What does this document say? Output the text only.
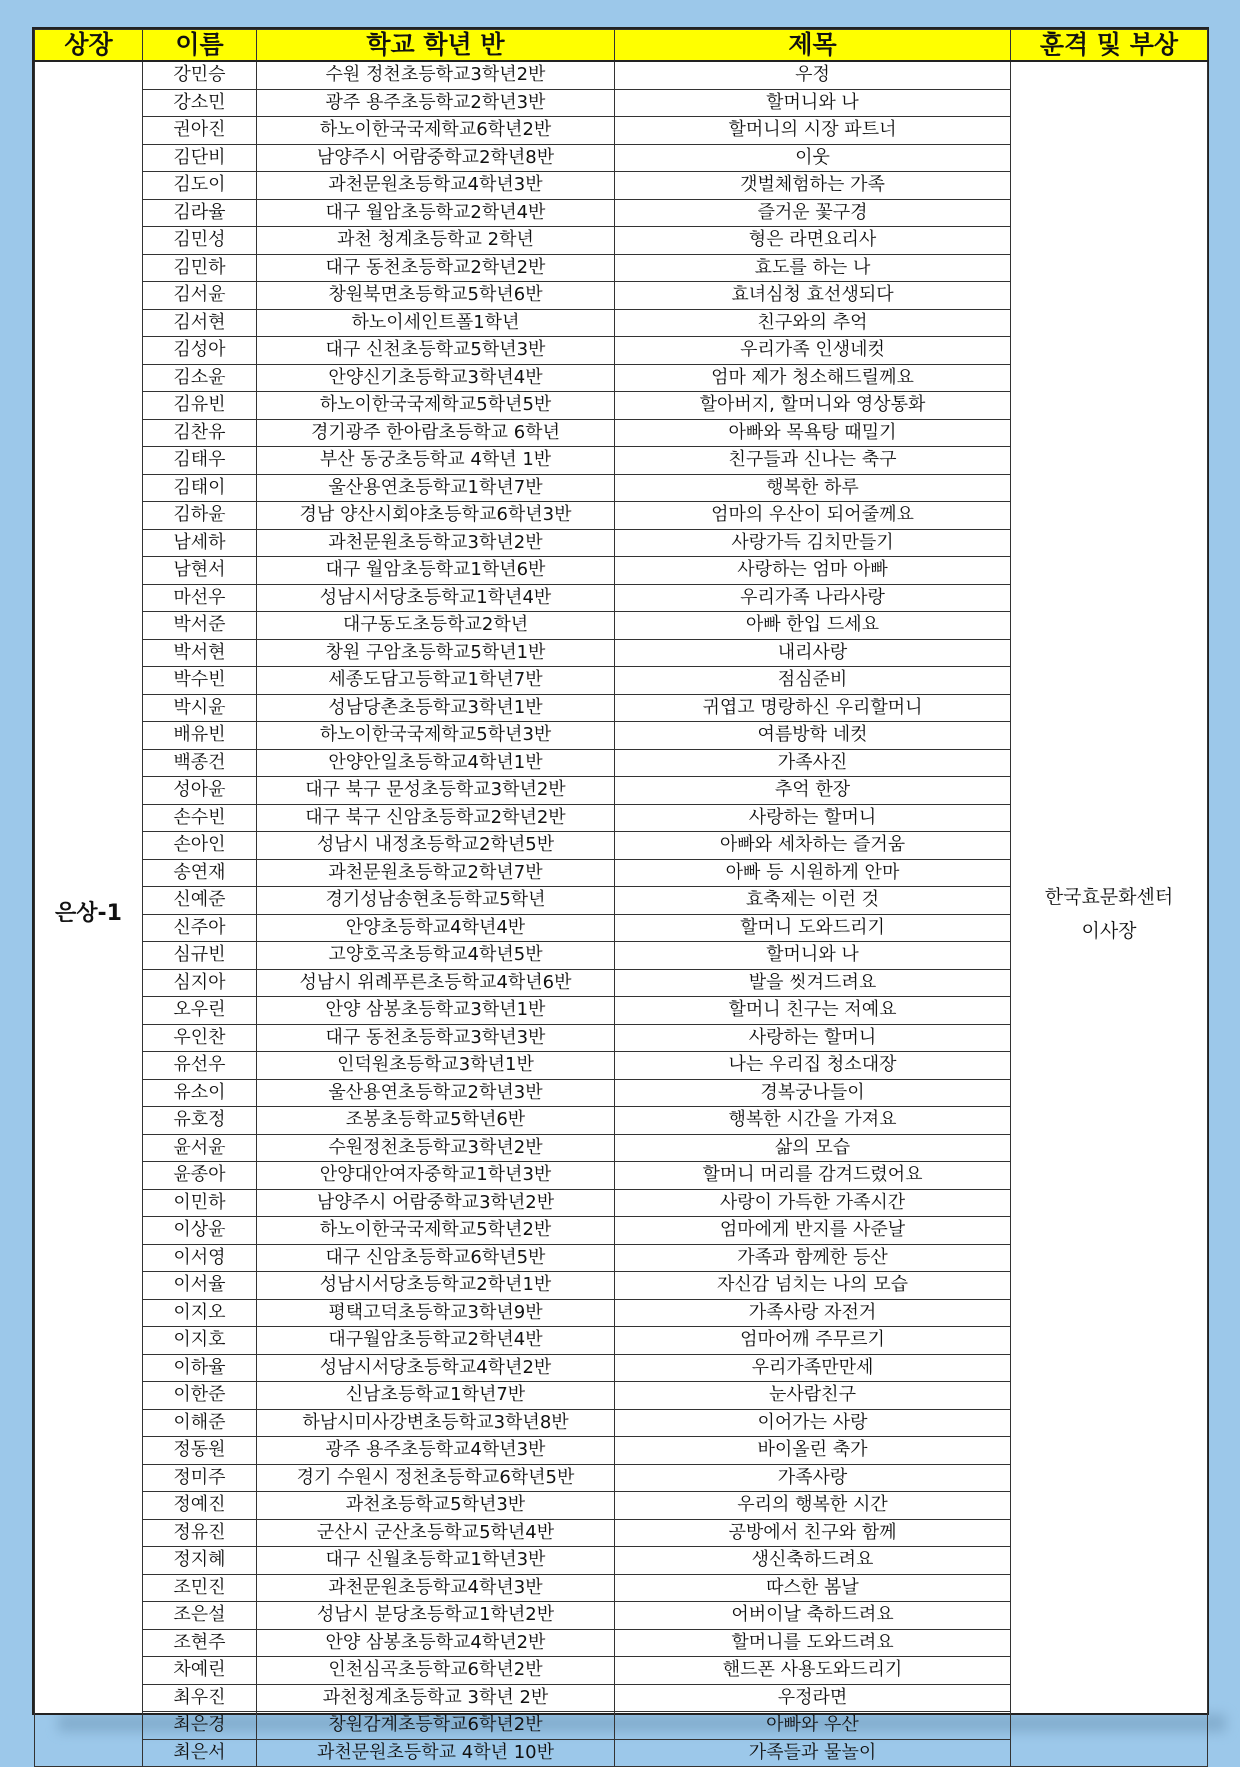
상장	이름	학교 학년 반	제목	훈격 및 부상
은상-1	강민승	수원 정천초등학교3학년2반	우정	한국효문화센터
이사장

	강소민	광주 용주초등학교2학년3반	할머니와 나	
	권아진	하노이한국국제학교6학년2반	할머니의 시장 파트너	
	김단비	남양주시 어람중학교2학년8반	이웃	
	김도이	과천문원초등학교4학년3반	갯벌체험하는 가족	
	김라율	대구 월암초등학교2학년4반	즐거운 꽃구경	
	김민성	과천 청계초등학교 2학년	형은 라면요리사	
	김민하	대구 동천초등학교2학년2반	효도를 하는 나	
	김서윤	창원북면초등학교5학년6반	효녀심청 효선생되다	
	김서현	하노이세인트폴1학년	친구와의 추억	
	김성아	대구 신천초등학교5학년3반	우리가족 인생네컷	
	김소윤	안양신기초등학교3학년4반	엄마 제가 청소해드릴께요	
	김유빈	하노이한국국제학교5학년5반	할아버지, 할머니와 영상통화	
	김찬유	경기광주 한아람초등학교 6학년	아빠와 목욕탕 때밀기	
	김태우	부산 동궁초등학교 4학년 1반	친구들과 신나는 축구	
	김태이	울산용연초등학교1학년7반	행복한 하루	
	김하윤	경남 양산시회야초등학교6학년3반	엄마의 우산이 되어줄께요	
	남세하	과천문원초등학교3학년2반	사랑가득 김치만들기	
	남현서	대구 월암초등학교1학년6반	사랑하는 엄마 아빠	
	마선우	성남시서당초등학교1학년4반	우리가족 나라사랑	
	박서준	대구동도초등학교2학년	아빠 한입 드세요	
	박서현	창원 구암초등학교5학년1반	내리사랑	
	박수빈	세종도담고등학교1학년7반	점심준비	
	박시윤	성남당촌초등학교3학년1반	귀엽고 명랑하신 우리할머니	
	배유빈	하노이한국국제학교5학년3반	여름방학 네컷	
	백종건	안양안일초등학교4학년1반	가족사진	
	성아윤	대구 북구 문성초등학교3학년2반	추억 한장	
	손수빈	대구 북구 신암초등학교2학년2반	사랑하는 할머니	
	손아인	성남시 내정초등학교2학년5반	아빠와 세차하는 즐거움	
	송연재	과천문원초등학교2학년7반	아빠 등 시원하게 안마	
	신예준	경기성남송현초등학교5학년	효축제는 이런 것	
	신주아	안양초등학교4학년4반	할머니 도와드리기	
	심규빈	고양호곡초등학교4학년5반	할머니와 나	
	심지아	성남시 위례푸른초등학교4학년6반	발을 씻겨드려요	
	오우린	안양 삼봉초등학교3학년1반	할머니 친구는 저예요	
	우인찬	대구 동천초등학교3학년3반	사랑하는 할머니	
	유선우	인덕원초등학교3학년1반	나는 우리집 청소대장	
	유소이	울산용연초등학교2학년3반	경복궁나들이	
	유호정	조봉초등학교5학년6반	행복한 시간을 가져요	
	윤서윤	수원정천초등학교3학년2반	삶의 모습	
	윤종아	안양대안여자중학교1학년3반	할머니 머리를 감겨드렸어요	
	이민하	남양주시 어람중학교3학년2반	사랑이 가득한 가족시간	
	이상윤	하노이한국국제학교5학년2반	엄마에게 반지를 사준날	
	이서영	대구 신암초등학교6학년5반	가족과 함께한 등산	
	이서율	성남시서당초등학교2학년1반	자신감 넘치는 나의 모습	
	이지오	평택고덕초등학교3학년9반	가족사랑 자전거	
	이지호	대구월암초등학교2학년4반	엄마어깨 주무르기	
	이하율	성남시서당초등학교4학년2반	우리가족만만세	
	이한준	신남초등학교1학년7반	눈사람친구	
	이해준	하남시미사강변초등학교3학년8반	이어가는 사랑	
	정동원	광주 용주초등학교4학년3반	바이올린 축가	
	정미주	경기 수원시 정천초등학교6학년5반	가족사랑	
	정예진	과천초등학교5학년3반	우리의 행복한 시간	
	정유진	군산시 군산초등학교5학년4반	공방에서 친구와 함께	
	정지혜	대구 신월초등학교1학년3반	생신축하드려요	
	조민진	과천문원초등학교4학년3반	따스한 봄날	
	조은설	성남시 분당초등학교1학년2반	어버이날 축하드려요	
	조현주	안양 삼봉초등학교4학년2반	할머니를 도와드려요	
	차예린	인천심곡초등학교6학년2반	핸드폰 사용도와드리기	
	최우진	과천청계초등학교 3학년 2반	우정라면	
	최은경	창원감계초등학교6학년2반	아빠와 우산	
	최은서	과천문원초등학교 4학년 10반	가족들과 물놀이	
